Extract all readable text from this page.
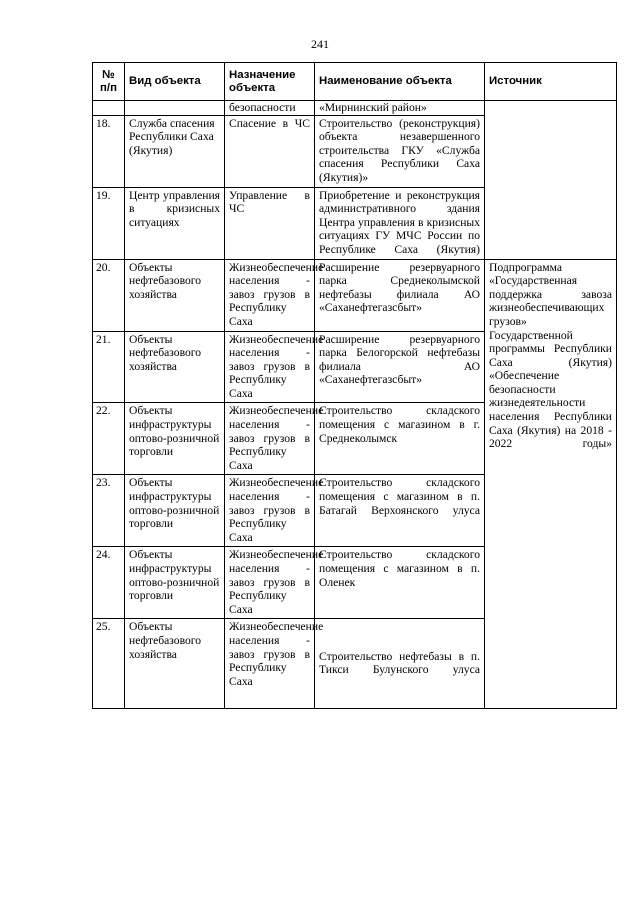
241
№ п/п	Вид объекта	Назначение объекта	Наименование объекта	Источник
		безопасности	«Мирнинский район»	
18.	Служба спасения Республики Саха (Якутия)	Спасение в ЧС	Строительство (реконструкция) объекта незавершенного строительства ГКУ «Служба спасения Республики Саха (Якутия)»	
19.	Центр управления в кризисных ситуациях	Управление в ЧС	Приобретение и реконструкция административного здания Центра управления в кризисных ситуациях ГУ МЧС России по Республике Саха (Якутия)	
20.	Объекты нефтебазового хозяйства	Жизнеобеспечение населения - завоз грузов в Республику Саха	Расширение резервуарного парка Среднеколымской нефтебазы филиала АО «Саханефтегазсбыт»	Подпрограмма «Государственная поддержка завоза жизнеобеспечивающих грузов» Государственной программы Республики Саха (Якутия) «Обеспечение безопасности жизнедеятельности населения Республики Саха (Якутия) на 2018 - 2022 годы»
21.	Объекты нефтебазового хозяйства	Жизнеобеспечение населения - завоз грузов в Республику Саха	Расширение резервуарного парка Белогорской нефтебазы филиала АО «Саханефтегазсбыт»	
22.	Объекты инфраструктуры оптово-розничной торговли	Жизнеобеспечение населения - завоз грузов в Республику Саха	Строительство складского помещения с магазином в г. Среднеколымск	
23.	Объекты инфраструктуры оптово-розничной торговли	Жизнеобеспечение населения - завоз грузов в Республику Саха	Строительство складского помещения с магазином в п. Батагай Верхоянского улуса	
24.	Объекты инфраструктуры оптово-розничной торговли	Жизнеобеспечение населения - завоз грузов в Республику Саха	Строительство складского помещения с магазином в п. Оленек	
25.	Объекты нефтебазового хозяйства	Жизнеобеспечение населения - завоз грузов в Республику Саха	Строительство нефтебазы в п. Тикси Булунского улуса	
